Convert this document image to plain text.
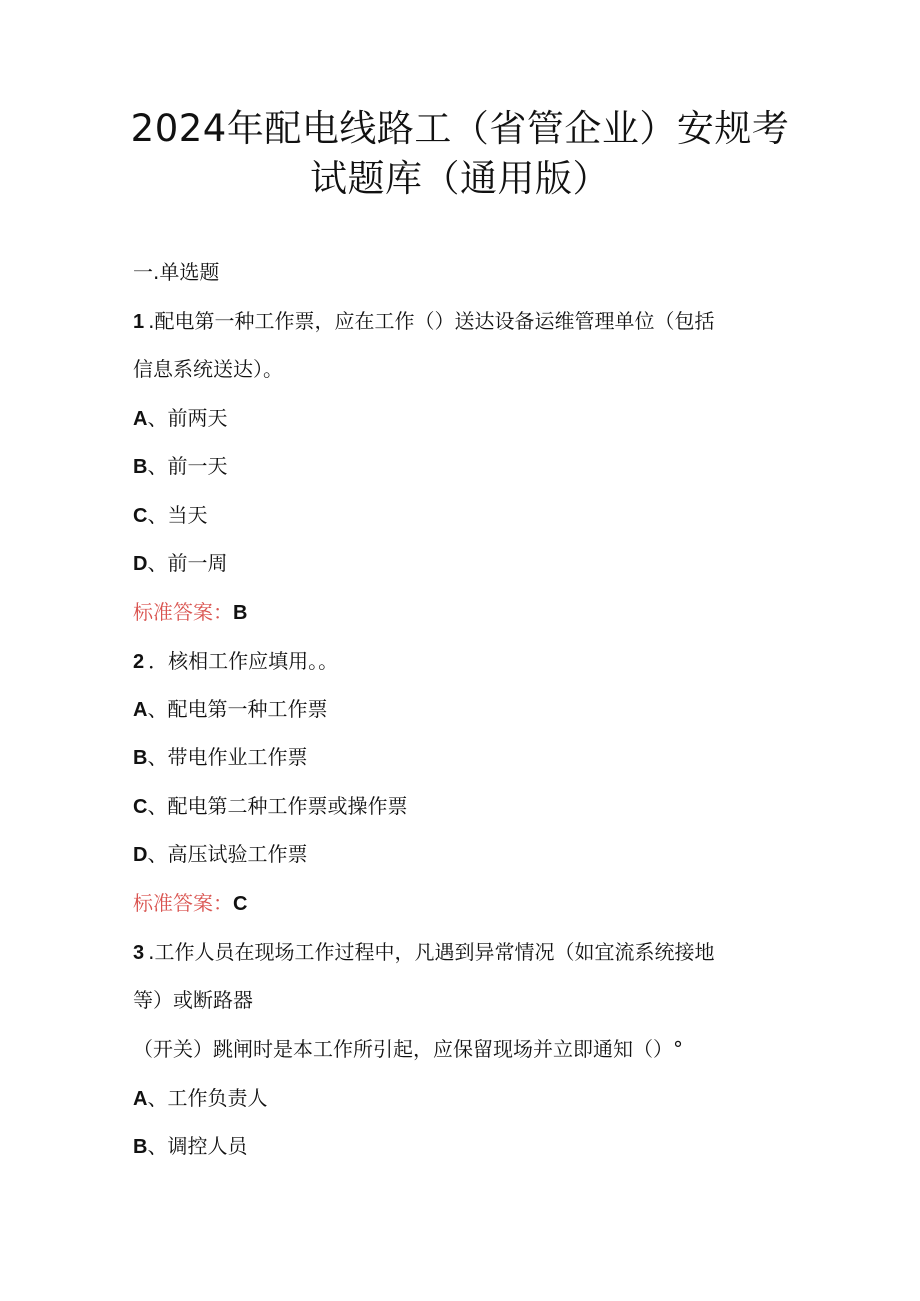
2024年配电线路工（省管企业）安规考
试题库（通用版）
一.单选题
1 .配电第一种工作票，应在工作（）送达设备运维管理单位（包括
信息系统送达）。
A、前两天
B、前一天
C、当天
D、前一周
标准答案：B
2 ．核相工作应填用。。
A、配电第一种工作票
B、带电作业工作票
C、配电第二种工作票或操作票
D、高压试验工作票
标准答案：C
3 .工作人员在现场工作过程中，凡遇到异常情况（如宜流系统接地
等）或断路器
（开关）跳闸时是本工作所引起，应保留现场并立即通知（）°
A、工作负责人
B、调控人员
